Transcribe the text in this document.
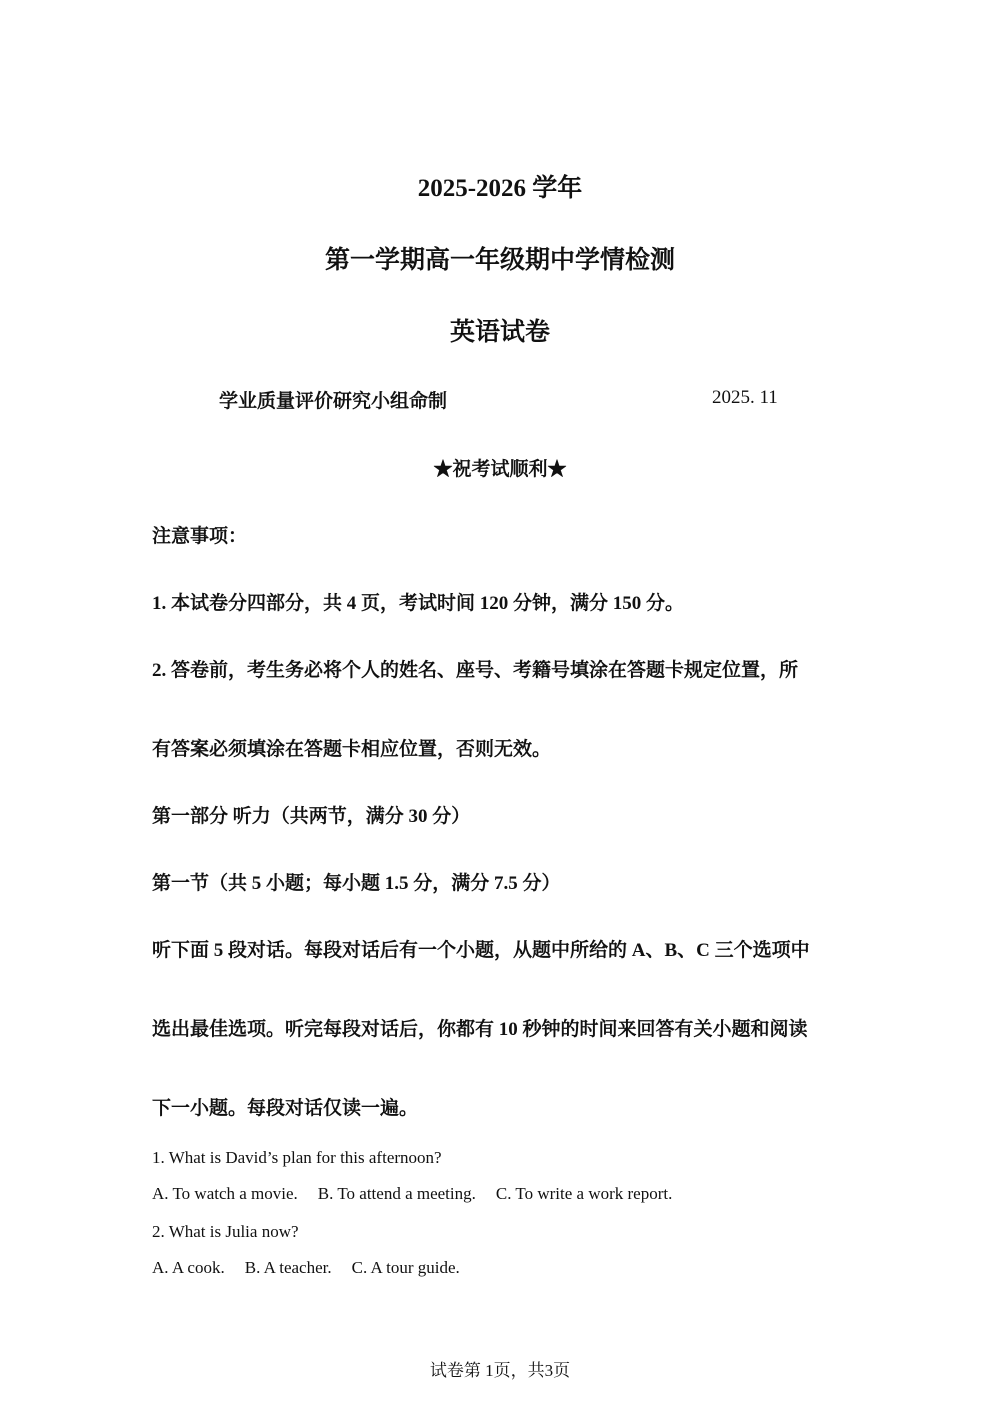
2025-2026 学年
第一学期高一年级期中学情检测
英语试卷
学业质量评价研究小组命制	2025. 11
★祝考试顺利★
注意事项：
1. 本试卷分四部分，共 4 页，考试时间 120 分钟，满分 150 分。
2. 答卷前，考生务必将个人的姓名、座号、考籍号填涂在答题卡规定位置，所
有答案必须填涂在答题卡相应位置，否则无效。
第一部分 听力（共两节，满分 30 分）
第一节（共 5 小题；每小题 1.5 分，满分 7.5 分）
听下面 5 段对话。每段对话后有一个小题，从题中所给的 A、B、C 三个选项中
选出最佳选项。听完每段对话后，你都有 10 秒钟的时间来回答有关小题和阅读
下一小题。每段对话仅读一遍。
1. What is David’s plan for this afternoon?
A. To watch a movie. B. To attend a meeting. C. To write a work report.
2. What is Julia now?
A. A cook. B. A teacher. C. A tour guide.
试卷第 1页，共3页
